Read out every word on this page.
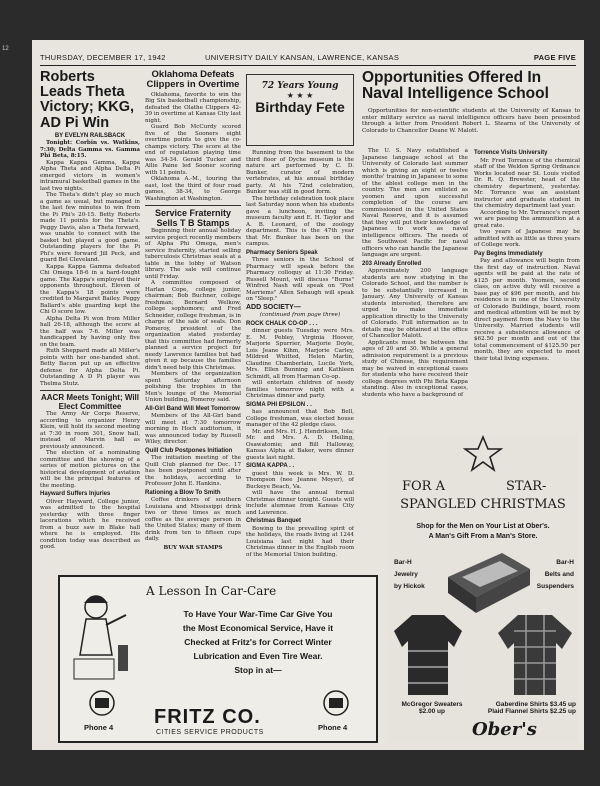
12
THURSDAY, DECEMBER 17, 1942	UNIVERSITY DAILY KANSAN, LAWRENCE, KANSAS	PAGE FIVE
Roberts Leads Theta Victory; KKG, AD Pi Win
BY EVELYN RAILSBACK

Tonight: Corbin vs. Watkins, 7:30; Delta Gamma vs. Gamma Phi Beta, 8:15.

Kappa Kappa Gamma, Kappa Alpha Theta and Alpha Delta Pi emerged victors in women's intramural basketball games in the last two nights.

The Theta's didn't play so much a game as usual, but managed in the last few minutes to win from the Pi Phi's 20-15. Betty Roberts made 11 points for the Theta's. Peggy Davis, also a Theta forward, was unable to connect with the basket but played a good game. Outstanding players for the Pi Phi's were forward Jill Peck, and guard Bel Cleveland.

Kappa Kappa Gamma defeated Chi Omega 18-6 in a hard-fought game. The Kappa's employed their opponents throughout. Eleven of the Kappa's 18 points were credited to Margaret Bailey. Peggy Ballard's able guarding kept the Chi O score low.

Alpha Delta Pi won from Miller hall 26-18, although the score at the half was 7-6. Miller was handicapped by having only five on the team.

Ruth Sheppard made all Miller's points with her one-handed shot. Betty Bacon put up an effective defense for Alpha Delta Pi. Outstanding A D Pi player was Thelma Stutz.

AACR Meets Tonight; Will Elect Committee

The Army Air Corps Reserve, according to organizer Henry Klein, will hold its second meeting at 7:30 in room 301, Snow hall, instead of Marvin hall as previously announced.

The election of a nominating committee and the showing of a series of motion pictures on the historical development of aviation will be the principal features of the meeting.

Hayward Suffers Injuries

Oliver Hayward, College junior, was admitted to the hospital yesterday with three finger lacerations which he received from a buzz saw in Blake hall where he is employed. His condition today was described as good.

Oklahoma Defeats Clippers in Overtime

Oklahoma, favorite to win the Big Six basketball championship, defeated the Olathe Clippers 42-39 in overtime at Kansas City last night.

Guard Bob McCurdy scored five of the Sooners eight overtime points to give the co-champs victory. The score at the end of regulation playing time was 34-34. Gerald Tucker and Allie Paine led Sooner scoring with 11 points.

Oklahoma A.-M., touring the east, lost the third of four road games, 38-34, to George Washington at Washington.

Service Fraternity Sells T B Stamps

Beginning their annual holiday service project recently members of Alpha Phi Omega, men's service fraternity, started selling tuberculosis Christmas seals at a table in the lobby of Watson library. The sale will continue until Friday.

A committee composed of Harlan Cope, college junior, chairman; Bob Buchner, college freshman; Bernard Welkow, college sophomore; and Fred Schneider, college freshman, is in charge of the sale of seals. Don Pomeroy, president of the organization stated yesterday that this committee had formerly planned a service project for needy Lawrence families but had given it up because the families didn't need help this Christmas.

Members of the organization spent Saturday afternoon polishing the trophies in the Men's lounge of the Memorial Union building, Pomeroy said.

All-Girl Band Will Meet Tomorrow

Members of the All-Girl band will meet at 7:30 tomorrow morning in Hoch auditorium, it was announced today by Russell Wiley, director.

Quill Club Postpones Initiation

The initiation meeting of the Quill Club planned for Dec. 17 has been postponed until after the holidays, according to Professor John E. Hankins.

Rationing a Blow To Smith

Coffee drinkers of southern Louisiana and Mississippi drink two or three times as much coffee as the average person in the United States; many of them drink from ten to fifteen cups daily.

BUY WAR STAMPS
72 Years Young
★ ★ ★
Birthday Fete

Running from the basement to the third floor of Dyche museum is the nature art performed by C. D. Bunker, curator of modern vertebrates, at his annual birthday party. At his 72nd celebration, Bunker was still in good form.

The birthday celebration took place last Saturday noon when his students gave a luncheon, inviting the museum faculty and E. H. Taylor and A. B. Leonard, of the zoology department. This is the 47th year that Mr. Bunker has been on the campus.

Pharmacy Seniors Speak

Three seniors in the School of Pharmacy will speak before the Pharmacy colloquy at 11:30 Friday. Russell Mount, will discuss "Burns" Winfred Nash will speak on "Post Marriems" Allen Sebaugh will speak on "Sleep."

ADD SOCIETY—
(continued from page three)
ROCK CHALK CO-OP . . .

dinner guests Tuesday were Mrs. E. M. Pebley, Virginia Hoover, Marjorie Spurrier, Marjorie Doyle, Lois Jeane Kihm, Marjorie Carley, Mildred Whitted, Helen Martin, Claudine Chamberlain, Lucile York, Mrs. Ellen Bunning and Kathleen Schmidt, all from Harman Co-op.

will entertain children of needy families tomorrow night with a Christmas dinner and party.

SIGMA PHI EPSILON . .

has announced that Bob Bell, College freshman, was elected house manager of the 42 pledge class.

Mr. and Mrs. H. J. Hendriksen, Iola; Mr. and Mrs. A. D. Heiling, Osawatomie; and Bill Halloway, Kansas Alpha at Baker, were dinner guests last night.

SIGMA KAPPA . .

guest this week is Mrs. W. D. Thompson (nee Jeanne Moyer), of Buckeye Beach, Va.

will have the annual formal Christmas dinner tonight. Guests will include alumnae from Kansas City and Lawrence.

Christmas Banquet

Bowing to the prevailing spirit of the holidays, the roads living at 1244 Louisiana last night had their Christmas dinner in the English room of the Memorial Union building.

Opportunities Offered In Naval Intelligence School

Opportunities for non-scientific students at the University of Kansas to enter military service as naval intelligence officers have been presented through a letter from President Robert L. Stearns of the University of Colorado to Chancellor Deane W. Malott.

The U. S. Navy established a Japanese language school at the University of Colorado last summer which is giving an eight or twelve months' training in Japanese to some of the ablest college men in the country. The men are enlisted as yeomen and upon successful completion of the course are commissioned in the United States Naval Reserve, and it is assumed that they will put their knowledge of Japanese to work as naval intelligence officers. The needs of the Southwest Pacific for naval officers who can handle the Japanese language are urgent.

203 Already Enrolled

Approximately 200 language students are now studying in the Colorado School, and the number is to be substantially increased in January. Any University of Kansas students interested, therefore are urged to make immediate application directly to the University of Colorado. Full information as to details may be obtained at the office of Chancellor Malott.

Applicants must be between the ages of 20 and 30. While a general admission requirement is a previous study of Chinese, this requirement may be waived in exceptional cases for students who have received their college degrees with Phi Beta Kappa standing. Also in exceptional cases, students who have a background of

Torrence Visits University

Mr. Fred Torrance of the chemical staff of the Weldon Spring Ordnance Works located near St. Louis visited Dr. R. Q. Brewster, head of the chemistry department, yesterday. Mr. Torrance was an assistant instructor and graduate student in the chemistry department last year.

According to Mr. Torrance's report we are passing the ammunition at a great rate.

two years of Japanese may be admitted with as little as three years of College work.

Pay Begins Immediately

Pay and allowance will begin from the first day of instruction. Naval agents will be paid at the rate of $125 per month. Yeomen, second class, on active duty will receive a base pay of $96 per month, and his residence is in one of the University of Colorado Buildings, board, room and medical attention will be met by direct payment from the Navy to the University. Married students will receive a subsistence allowance of $62.50 per month and out of the total commencement of $125.50 per month, they are expected to meet their total living expenses.

A Lesson In Car-Care
To Have Your War-Time Car Give You
the Most Economical Service, Have it
Checked at Fritz's for Correct Winter
Lubrication and Even Tire Wear.
Stop in at—
Phone 4	Phone 4
FRITZ CO.
CITIES SERVICE PRODUCTS
FOR A	STAR-
SPANGLED CHRISTMAS
Shop for the Men on Your List at Ober's.
A Man's Gift From a Man's Store.
Bar-H
Jewelry
by Hickok
Bar-H
Belts and
Suspenders
McGregor Sweaters
$2.00 up
Gaberdine Shirts $3.45 up
Plaid Flannel Shirts $2.25 up
Ober's
